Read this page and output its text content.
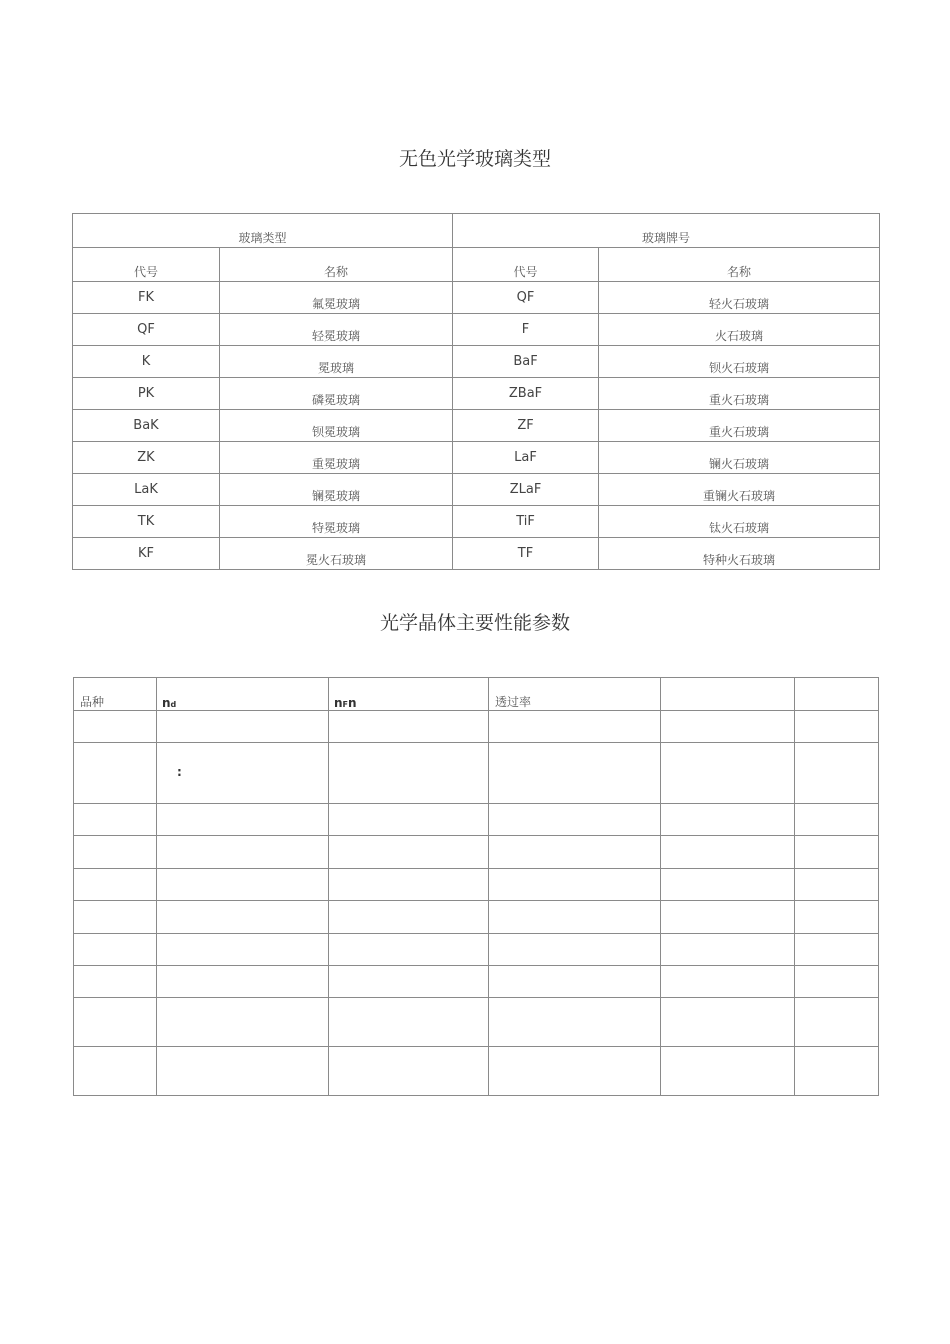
无色光学玻璃类型
玻璃类型		玻璃牌号	
代号	名称	代号	名称
FK	氟冕玻璃	QF	轻火石玻璃
QF	轻冕玻璃	F	火石玻璃
K	冕玻璃	BaF	钡火石玻璃
PK	磷冕玻璃	ZBaF	重火石玻璃
BaK	钡冕玻璃	ZF	重火石玻璃
ZK	重冕玻璃	LaF	镧火石玻璃
LaK	镧冕玻璃	ZLaF	重镧火石玻璃
TK	特冕玻璃	TiF	钛火石玻璃
KF	冕火石玻璃	TF	特种火石玻璃
光学晶体主要性能参数
品种	nd	nFn	透过率		

	:				
